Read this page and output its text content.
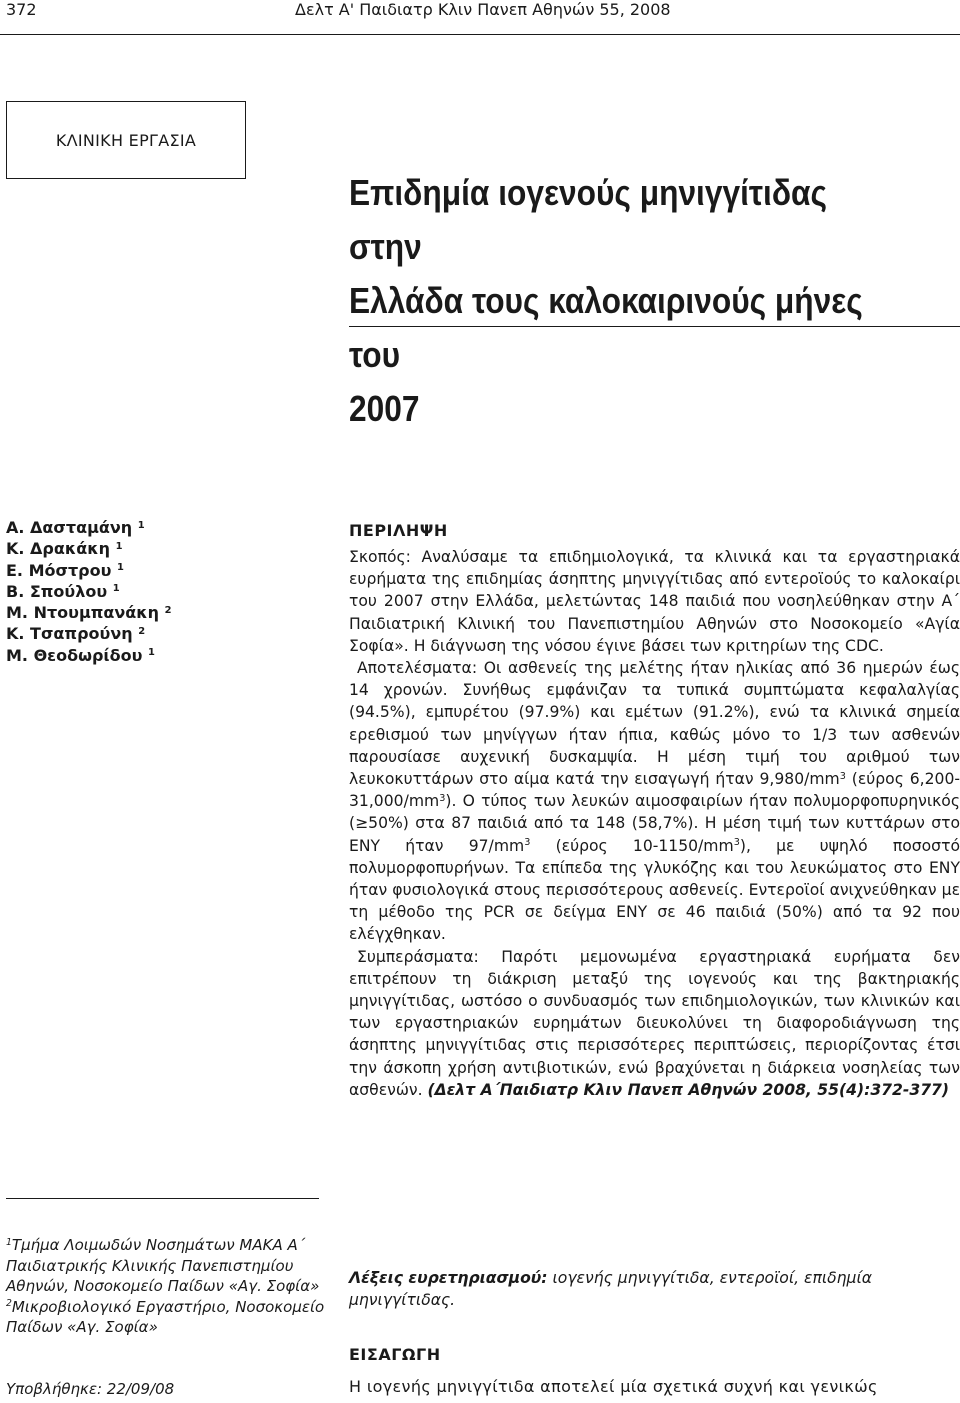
372	Δελτ Α' Παιδιατρ Κλιν Πανεπ Αθηνών 55, 2008
ΚΛΙΝΙΚΗ ΕΡΓΑΣΙΑ
Επιδημία ιογενούς μηνιγγίτιδας στην
Ελλάδα τους καλοκαιρινούς μήνες του
2007
Α. Δασταμάνη $^1$
Κ. Δρακάκη $^1$
Ε. Μόστρου $^1$
Β. Σπούλου $^1$
Μ. Ντουμπανάκη $^2$
Κ. Τσαπρούνη $^2$
Μ. Θεοδωρίδου $^1$
$^1$Τμήμα Λοιμωδών Νοσημάτων ΜΑΚΑ Α΄ Παιδιατρικής Κλινικής Πανεπιστημίου Αθηνών, Νοσοκομείο Παίδων «Αγ. Σοφία»
$^2$Μικροβιολογικό Εργαστήριο, Νοσοκομείο Παίδων «Αγ. Σοφία»
Υποβλήθηκε: 22/09/08
ΠΕΡΙΛΗΨΗ

Σκοπός: Αναλύσαμε τα επιδημιολογικά, τα κλινικά και τα εργαστηριακά ευρήματα της επιδημίας άσηπτης μηνιγγίτιδας από εντεροϊούς το καλοκαίρι του 2007 στην Ελλάδα, μελετώντας 148 παιδιά που νοσηλεύθηκαν στην Α΄ Παιδιατρική Κλινική του Πανεπιστημίου Αθηνών στο Νοσοκομείο «Αγία Σοφία». Η διάγνωση της νόσου έγινε βάσει των κριτηρίων της CDC.

Αποτελέσματα: Οι ασθενείς της μελέτης ήταν ηλικίας από 36 ημερών έως 14 χρονών. Συνήθως εμφάνιζαν τα τυπικά συμπτώματα κεφαλαλγίας (94.5%), εμπυρέτου (97.9%) και εμέτων (91.2%), ενώ τα κλινικά σημεία ερεθισμού των μηνίγγων ήταν ήπια, καθώς μόνο το 1/3 των ασθενών παρουσίασε αυχενική δυσκαμψία. Η μέση τιμή του αριθμού των λευκοκυττάρων στο αίμα κατά την εισαγωγή ήταν $9,980/mm^3$ (εύρος $6,200-31,000/mm^3$). Ο τύπος των λευκών αιμοσφαιρίων ήταν πολυμορφοπυρηνικός (≥50%) στα 87 παιδιά από τα 148 (58,7%). Η μέση τιμή των κυττάρων στο ΕΝΥ ήταν $97/mm^3$ (εύρος $10-1150/mm^3$), με υψηλό ποσοστό πολυμορφοπυρήνων. Τα επίπεδα της γλυκόζης και του λευκώματος στο ΕΝΥ ήταν φυσιολογικά στους περισσότερους ασθενείς. Εντεροϊοί ανιχνεύθηκαν με τη μέθοδο της PCR σε δείγμα ΕΝΥ σε 46 παιδιά (50%) από τα 92 που ελέγχθηκαν.

Συμπεράσματα: Παρότι μεμονωμένα εργαστηριακά ευρήματα δεν επιτρέπουν τη διάκριση μεταξύ της ιογενούς και της βακτηριακής μηνιγγίτιδας, ωστόσο ο συνδυασμός των επιδημιολογικών, των κλινικών και των εργαστηριακών ευρημάτων διευκολύνει τη διαφοροδιάγνωση της άσηπτης μηνιγγίτιδας στις περισσότερες περιπτώσεις, περιορίζοντας έτσι την άσκοπη χρήση αντιβιοτικών, ενώ βραχύνεται η διάρκεια νοσηλείας των ασθενών. (Δελτ Α΄Παιδιατρ Κλιν Πανεπ Αθηνών 2008, 55(4):372-377)

Λέξεις ευρετηριασμού: ιογενής μηνιγγίτιδα, εντεροϊοί, επιδημία μηνιγγίτιδας.
ΕΙΣΑΓΩΓΗ
Η ιογενής μηνιγγίτιδα αποτελεί μία σχετικά συχνή και γενικώς
